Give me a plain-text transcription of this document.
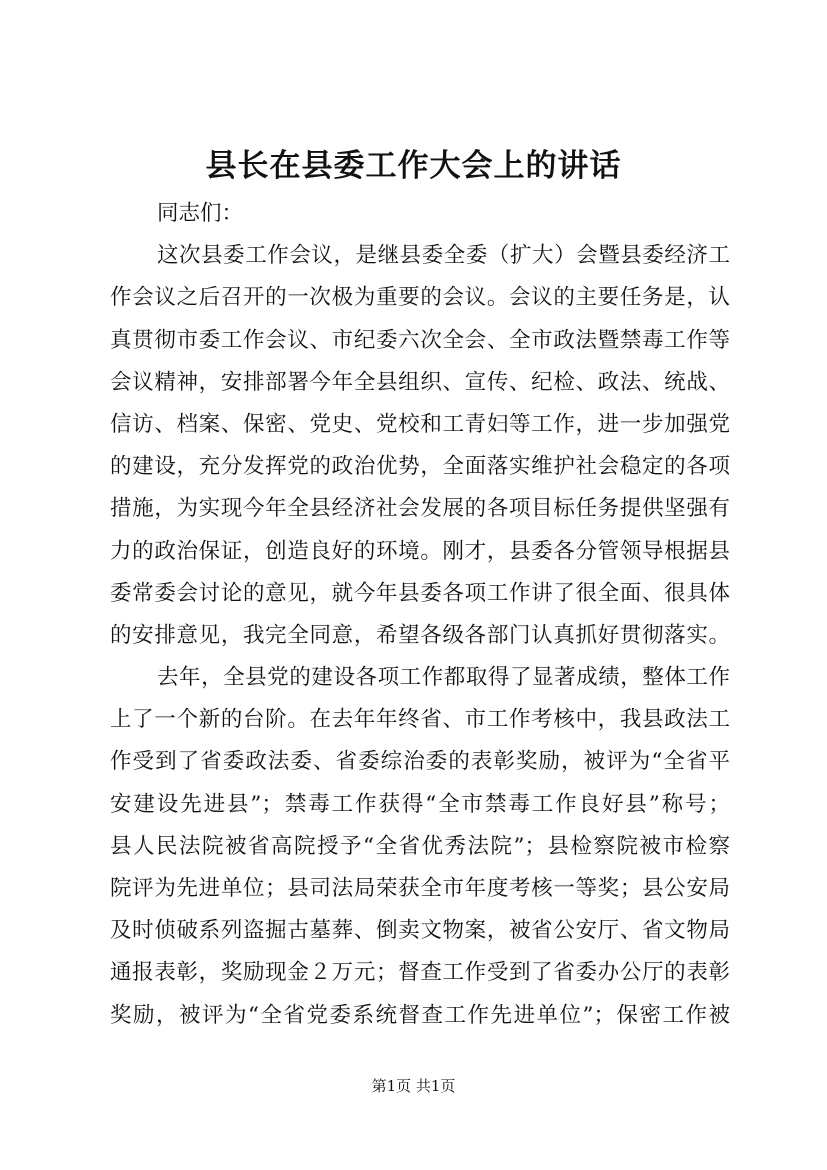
县长在县委工作大会上的讲话
同志们：
这次县委工作会议，是继县委全委（扩大）会暨县委经济工
作会议之后召开的一次极为重要的会议。会议的主要任务是，认
真贯彻市委工作会议、市纪委六次全会、全市政法暨禁毒工作等
会议精神，安排部署今年全县组织、宣传、纪检、政法、统战、
信访、档案、保密、党史、党校和工青妇等工作，进一步加强党
的建设，充分发挥党的政治优势，全面落实维护社会稳定的各项
措施，为实现今年全县经济社会发展的各项目标任务提供坚强有
力的政治保证，创造良好的环境。刚才，县委各分管领导根据县
委常委会讨论的意见，就今年县委各项工作讲了很全面、很具体
的安排意见，我完全同意，希望各级各部门认真抓好贯彻落实。
去年，全县党的建设各项工作都取得了显著成绩，整体工作
上了一个新的台阶。在去年年终省、市工作考核中，我县政法工
作受到了省委政法委、省委综治委的表彰奖励，被评为“全省平
安建设先进县”；禁毒工作获得“全市禁毒工作良好县”称号；
县人民法院被省高院授予“全省优秀法院”；县检察院被市检察
院评为先进单位；县司法局荣获全市年度考核一等奖；县公安局
及时侦破系列盗掘古墓葬、倒卖文物案，被省公安厅、省文物局
通报表彰，奖励现金２万元；督查工作受到了省委办公厅的表彰
奖励，被评为“全省党委系统督查工作先进单位”；保密工作被
第1页 共1页
